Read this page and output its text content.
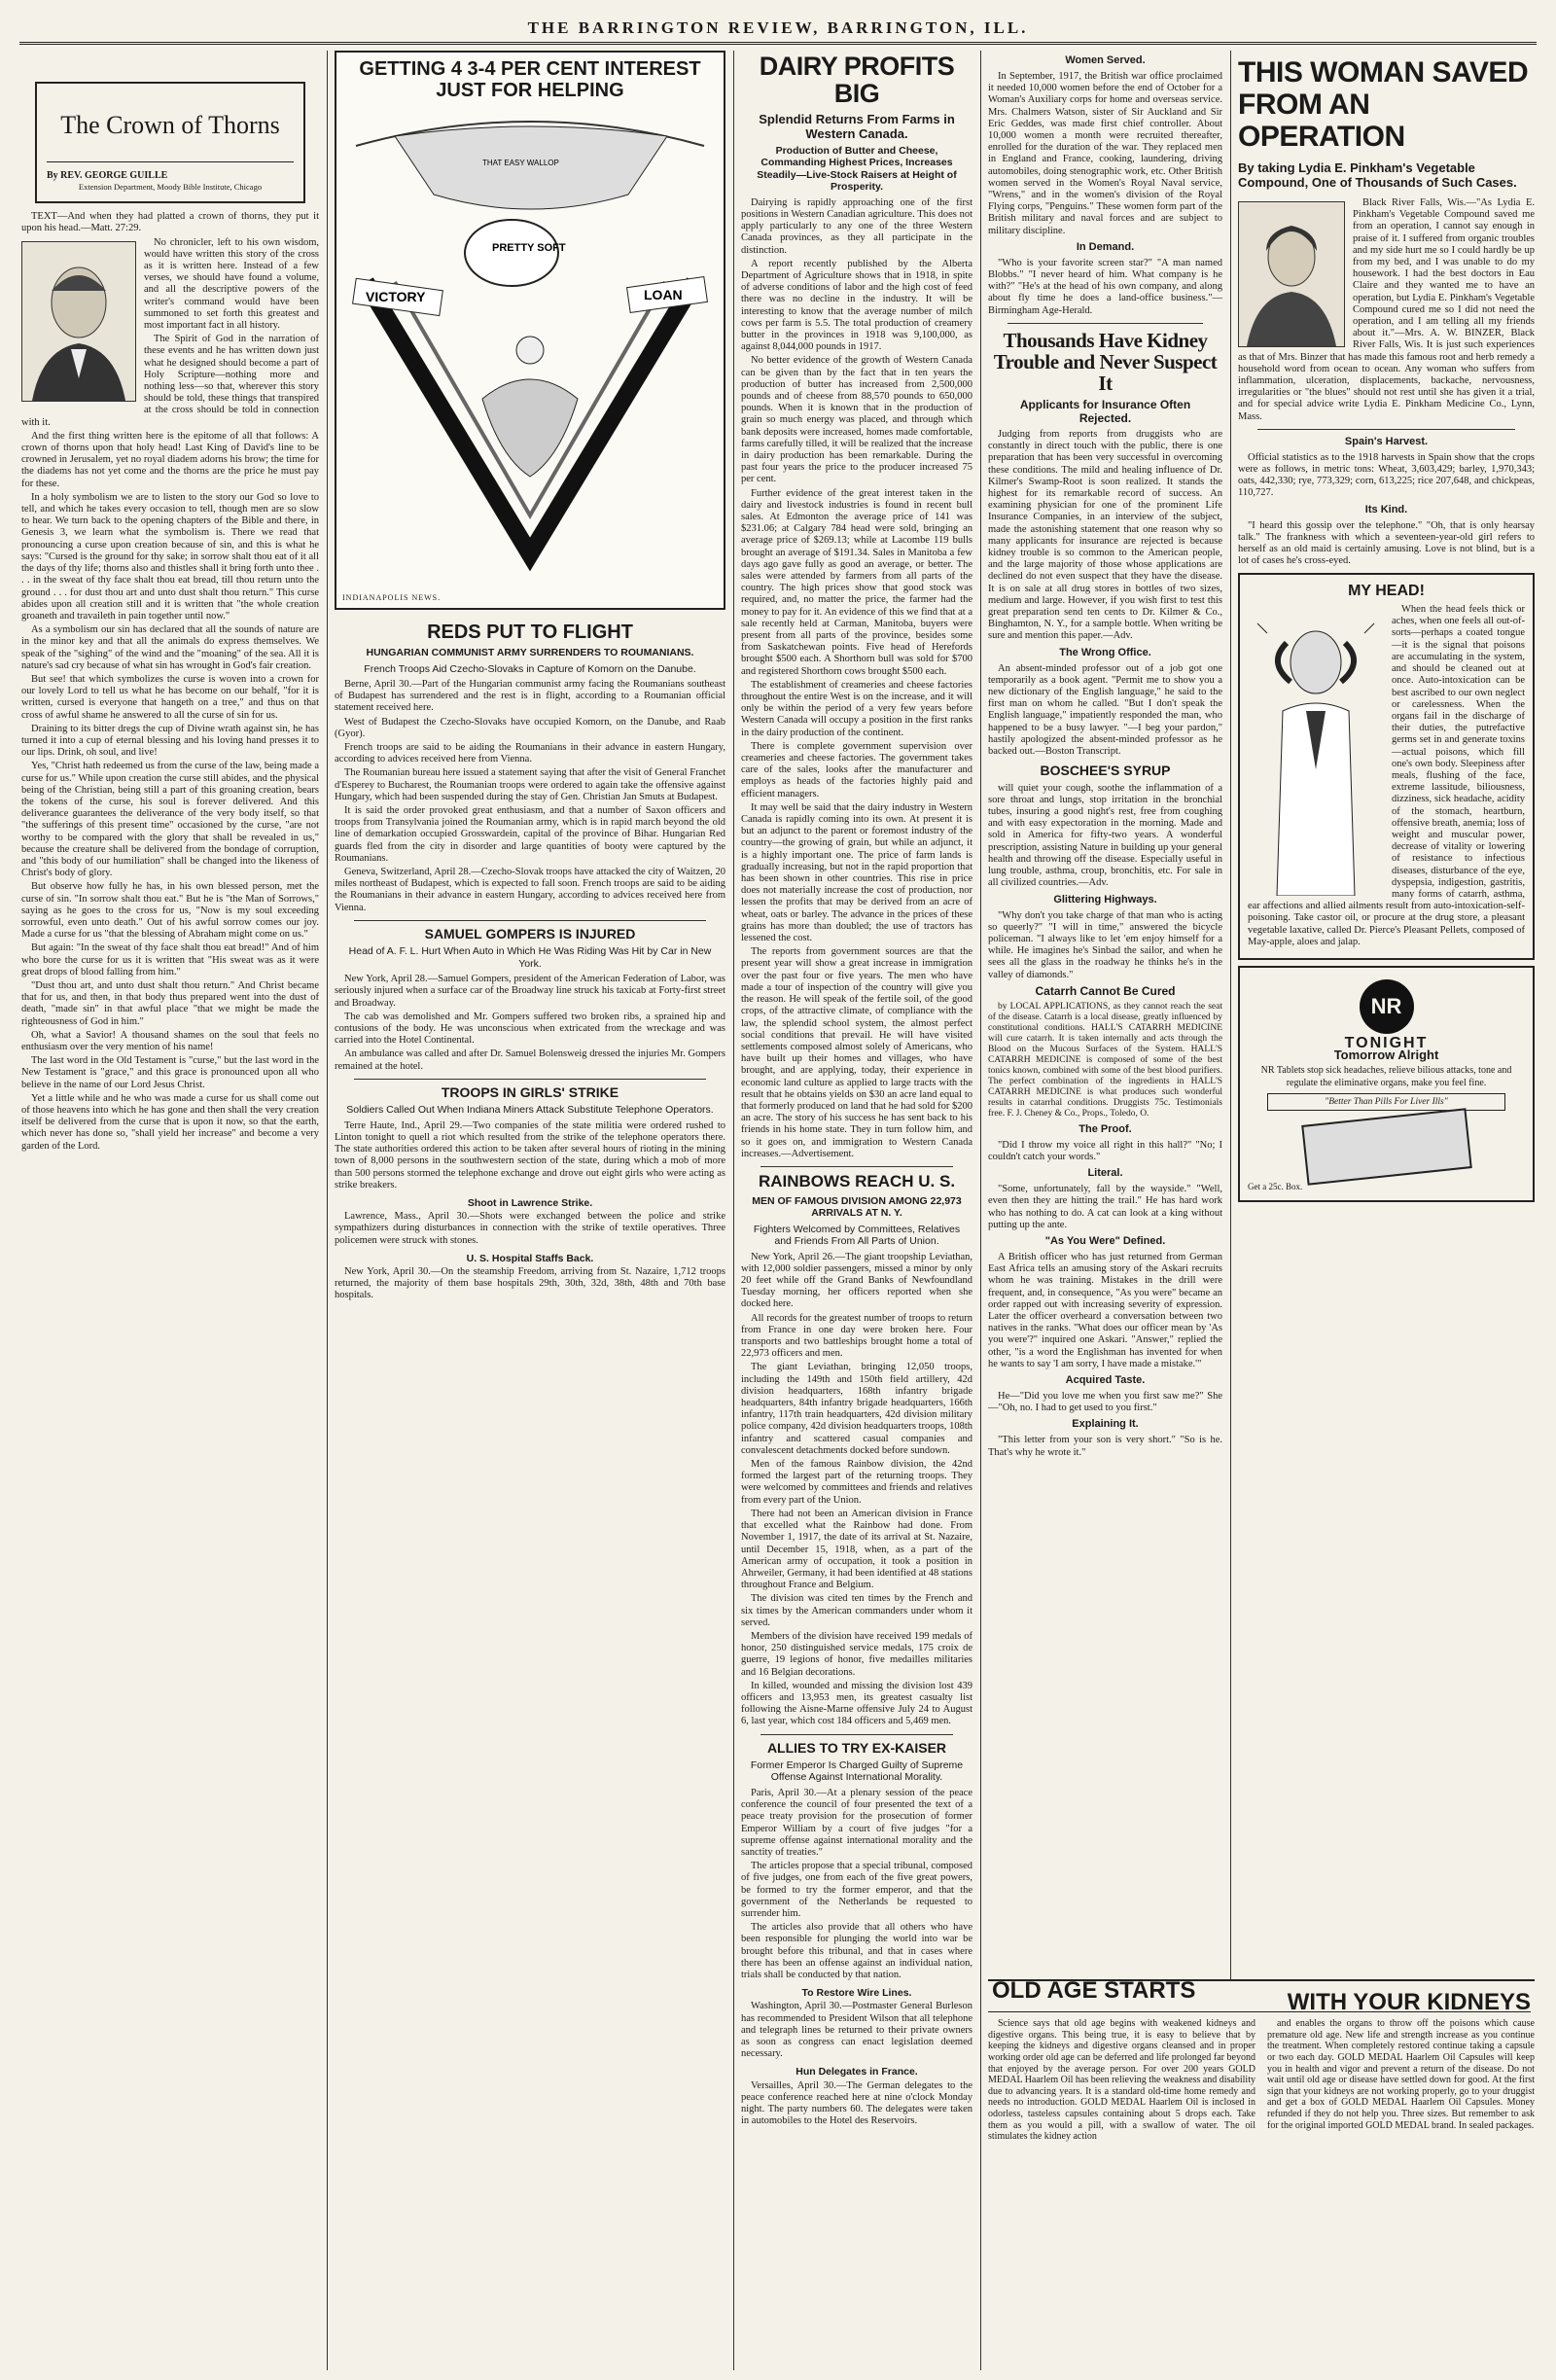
THE BARRINGTON REVIEW, BARRINGTON, ILL.
The Crown of Thorns
By REV. GEORGE GUILLE
Extension Department, Moody Bible Institute, Chicago

TEXT—And when they had platted a crown of thorns, they put it upon his head.—Matt. 27:29.

No chronicler, left to his own wisdom, would have written this story of the cross as it is written here. Instead of a few verses, we should have found a volume, and all the descriptive powers of the writer's command would have been summoned to set forth this greatest and most important fact in all history.

The Spirit of God in the narration of these events and he has written down just what he designed should become a part of Holy Scripture—nothing more and nothing less—so that, wherever this story should be told, these things that transpired at the cross should be told in connection with it.

And the first thing written here is the epitome of all that follows: A crown of thorns upon that holy head! Last King of David's line to be crowned in Jerusalem, yet no royal diadem adorns his brow; the time for the diadems has not yet come and the thorns are the price he must pay for these.

In a holy symbolism we are to listen to the story our God so love to tell, and which he takes every occasion to tell, though men are so slow to hear. We turn back to the opening chapters of the Bible and there, in Genesis 3, we learn what the symbolism is. There we read that pronouncing a curse upon creation because of sin, and this is what he says: "Cursed is the ground for thy sake; in sorrow shalt thou eat of it all the days of thy life; thorns also and thistles shall it bring forth unto thee . . . in the sweat of thy face shalt thou eat bread, till thou return unto the ground . . . for dust thou art and unto dust shalt thou return." This curse abides upon all creation still and it is written that "the whole creation groaneth and travaileth in pain together until now."

As a symbolism our sin has declared that all the sounds of nature are in the minor key and that all the animals do express themselves. We speak of the "sighing" of the wind and the "moaning" of the sea. All it is nature's sad cry because of what sin has wrought in God's fair creation.

But see! that which symbolizes the curse is woven into a crown for our lovely Lord to tell us what he has become on our behalf, "for it is written, cursed is everyone that hangeth on a tree," and thus on that cross of awful shame he answered to all the curse of sin for us.

Draining to its bitter dregs the cup of Divine wrath against sin, he has turned it into a cup of eternal blessing and his loving hand presses it to our lips. Drink, oh soul, and live!

Yes, "Christ hath redeemed us from the curse of the law, being made a curse for us." While upon creation the curse still abides, and the physical being of the Christian, being still a part of this groaning creation, bears the tokens of the curse, his soul is forever delivered. And this deliverance guarantees the deliverance of the very body itself, so that "the sufferings of this present time" occasioned by the curse, "are not worthy to be compared with the glory that shall be revealed in us," because the creature shall be delivered from the bondage of corruption, and "this body of our humiliation" shall be changed into the likeness of Christ's body of glory.

But observe how fully he has, in his own blessed person, met the curse of sin. "In sorrow shalt thou eat." But he is "the Man of Sorrows," saying as he goes to the cross for us, "Now is my soul exceeding sorrowful, even unto death." Out of his awful sorrow comes our joy. Made a curse for us "that the blessing of Abraham might come on us."

But again: "In the sweat of thy face shalt thou eat bread!" And of him who bore the curse for us it is written that "His sweat was as it were great drops of blood falling from him."

"Dust thou art, and unto dust shalt thou return." And Christ became that for us, and then, in that body thus prepared went into the dust of death, "made sin" in that awful place "that we might be made the righteousness of God in him."

Oh, what a Savior! A thousand shames on the soul that feels no enthusiasm over the very mention of his name!

The last word in the Old Testament is "curse," but the last word in the New Testament is "grace," and this grace is pronounced upon all who believe in the name of our Lord Jesus Christ.

Yet a little while and he who was made a curse for us shall come out of those heavens into which he has gone and then shall the very creation itself be delivered from the curse that is upon it now, so that the earth, which never has done so, "shall yield her increase" and become a very garden of the Lord.

GETTING 4 3-4 PER CENT INTEREST JUST FOR HELPING
VICTORY	LOAN
PRETTY SOFT
THAT EASY WALLOP
INDIANAPOLIS NEWS.
REDS PUT TO FLIGHT
HUNGARIAN COMMUNIST ARMY SURRENDERS TO ROUMANIANS.
French Troops Aid Czecho-Slovaks in Capture of Komorn on the Danube.

Berne, April 30.—Part of the Hungarian communist army facing the Roumanians southeast of Budapest has surrendered and the rest is in flight, according to a Roumanian official statement received here.

West of Budapest the Czecho-Slovaks have occupied Komorn, on the Danube, and Raab (Gyor).

French troops are said to be aiding the Roumanians in their advance in eastern Hungary, according to advices received here from Vienna.

The Roumanian bureau here issued a statement saying that after the visit of General Franchet d'Esperey to Bucharest, the Roumanian troops were ordered to again take the offensive against Hungary, which had been suspended during the stay of Gen. Christian Jan Smuts at Budapest.

It is said the order provoked great enthusiasm, and that a number of Saxon officers and troops from Transylvania joined the Roumanian army, which is in rapid march beyond the old line of demarkation occupied Grosswardein, capital of the province of Bihar. Hungarian Red guards fled from the city in disorder and large quantities of booty were captured by the Roumanians.

Geneva, Switzerland, April 28.—Czecho-Slovak troops have attacked the city of Waitzen, 20 miles northeast of Budapest, which is expected to fall soon. French troops are said to be aiding the Roumanians in their advance in eastern Hungary, according to advices received here from Vienna.

SAMUEL GOMPERS IS INJURED
Head of A. F. L. Hurt When Auto in Which He Was Riding Was Hit by Car in New York.

New York, April 28.—Samuel Gompers, president of the American Federation of Labor, was seriously injured when a surface car of the Broadway line struck his taxicab at Forty-first street and Broadway.

The cab was demolished and Mr. Gompers suffered two broken ribs, a sprained hip and contusions of the body. He was unconscious when extricated from the wreckage and was carried into the Hotel Continental.

An ambulance was called and after Dr. Samuel Bolensweig dressed the injuries Mr. Gompers remained at the hotel.

TROOPS IN GIRLS' STRIKE
Soldiers Called Out When Indiana Miners Attack Substitute Telephone Operators.

Terre Haute, Ind., April 29.—Two companies of the state militia were ordered rushed to Linton tonight to quell a riot which resulted from the strike of the telephone operators there. The state authorities ordered this action to be taken after several hours of rioting in the mining town of 8,000 persons in the southwestern section of the state, during which a mob of more than 500 persons stormed the telephone exchange and drove out eight girls who were acting as strike breakers.

Shoot in Lawrence Strike.

Lawrence, Mass., April 30.—Shots were exchanged between the police and strike sympathizers during disturbances in connection with the strike of textile operatives. Three policemen were struck with stones.

U. S. Hospital Staffs Back.

New York, April 30.—On the steamship Freedom, arriving from St. Nazaire, 1,712 troops returned, the majority of them base hospitals 29th, 30th, 32d, 38th, 48th and 70th base hospitals.

DAIRY PROFITS BIG
Splendid Returns From Farms in Western Canada.
Production of Butter and Cheese, Commanding Highest Prices, Increases Steadily—Live-Stock Raisers at Height of Prosperity.

Dairying is rapidly approaching one of the first positions in Western Canadian agriculture. This does not apply particularly to any one of the three Western Canada provinces, as they all participate in the distinction.

A report recently published by the Alberta Department of Agriculture shows that in 1918, in spite of adverse conditions of labor and the high cost of feed there was no decline in the industry. It will be interesting to know that the average number of milch cows per farm is 5.5. The total production of creamery butter in the provinces in 1918 was 9,100,000, as against 8,044,000 pounds in 1917.

No better evidence of the growth of Western Canada can be given than by the fact that in ten years the production of butter has increased from 2,500,000 pounds and of cheese from 88,570 pounds to 650,000 pounds. When it is known that in the production of grain so much energy was placed, and through which bank deposits were increased, homes made comfortable, farms carefully tilled, it will be realized that the increase in dairy production has been remarkable. During the past four years the price to the producer increased 75 per cent.

Further evidence of the great interest taken in the dairy and livestock industries is found in recent bull sales. At Edmonton the average price of 141 was $231.06; at Calgary 784 head were sold, bringing an average price of $269.13; while at Lacombe 119 bulls brought an average of $191.34. Sales in Manitoba a few days ago gave fully as good an average, or better. The sales were attended by farmers from all parts of the country. The high prices show that good stock was required, and, no matter the price, the farmer had the money to pay for it. An evidence of this we find that at a sale recently held at Carman, Manitoba, buyers were present from all parts of the province, besides some from Saskatchewan points. Five head of Herefords brought $500 each. A Shorthorn bull was sold for $700 and registered Shorthorn cows brought $500 each.

The establishment of creameries and cheese factories throughout the entire West is on the increase, and it will only be within the period of a very few years before Western Canada will occupy a position in the first ranks in the dairy production of the continent.

There is complete government supervision over creameries and cheese factories. The government takes care of the sales, looks after the manufacturer and employs as heads of the factories highly paid and efficient managers.

It may well be said that the dairy industry in Western Canada is rapidly coming into its own. At present it is but an adjunct to the parent or foremost industry of the country—the growing of grain, but while an adjunct, it is a highly important one. The price of farm lands is gradually increasing, but not in the rapid proportion that has been shown in other countries. This rise in price does not materially increase the cost of production, nor lessen the profits that may be derived from an acre of wheat, oats or barley. The advance in the prices of these grains has more than doubled; the use of tractors has lessened the cost.

The reports from government sources are that the present year will show a great increase in immigration over the past four or five years. The men who have made a tour of inspection of the country will give you the reason. He will speak of the fertile soil, of the good crops, of the attractive climate, of compliance with the law, the splendid school system, the almost perfect social conditions that prevail. He will have visited settlements composed almost solely of Americans, who have built up their homes and villages, who have brought, and are applying, today, their experience in economic land culture as applied to large tracts with the result that he obtains yields on $30 an acre land equal to that formerly produced on land that he had sold for $200 an acre. The story of his success he has sent back to his friends in his home state. They in turn follow him, and so it goes on, and immigration to Western Canada increases.—Advertisement.

RAINBOWS REACH U. S.
MEN OF FAMOUS DIVISION AMONG 22,973 ARRIVALS AT N. Y.
Fighters Welcomed by Committees, Relatives and Friends From All Parts of Union.

New York, April 26.—The giant troopship Leviathan, with 12,000 soldier passengers, missed a minor by only 20 feet while off the Grand Banks of Newfoundland Tuesday morning, her officers reported when she docked here.

All records for the greatest number of troops to return from France in one day were broken here. Four transports and two battleships brought home a total of 22,973 officers and men.

The giant Leviathan, bringing 12,050 troops, including the 149th and 150th field artillery, 42d division headquarters, 168th infantry brigade headquarters, 84th infantry brigade headquarters, 166th infantry, 117th train headquarters, 42d division military police company, 42d division headquarters troops, 108th infantry and scattered casual companies and convalescent detachments docked before sundown.

Men of the famous Rainbow division, the 42nd formed the largest part of the returning troops. They were welcomed by committees and friends and relatives from every part of the Union.

There had not been an American division in France that excelled what the Rainbow had done. From November 1, 1917, the date of its arrival at St. Nazaire, until December 15, 1918, when, as a part of the American army of occupation, it took a position in Ahrweiler, Germany, it had been identified at 48 stations throughout France and Belgium.

The division was cited ten times by the French and six times by the American commanders under whom it served.

Members of the division have received 199 medals of honor, 250 distinguished service medals, 175 croix de guerre, 19 legions of honor, five medailles militaries and 16 Belgian decorations.

In killed, wounded and missing the division lost 439 officers and 13,953 men, its greatest casualty list following the Aisne-Marne offensive July 24 to August 6, last year, which cost 184 officers and 5,469 men.

ALLIES TO TRY EX-KAISER
Former Emperor Is Charged Guilty of Supreme Offense Against International Morality.

Paris, April 30.—At a plenary session of the peace conference the council of four presented the text of a peace treaty provision for the prosecution of former Emperor William by a court of five judges "for a supreme offense against international morality and the sanctity of treaties."

The articles propose that a special tribunal, composed of five judges, one from each of the five great powers, be formed to try the former emperor, and that the government of the Netherlands be requested to surrender him.

The articles also provide that all others who have been responsible for plunging the world into war be brought before this tribunal, and that in cases where there has been an offense against an individual nation, trials shall be conducted by that nation.

To Restore Wire Lines.

Washington, April 30.—Postmaster General Burleson has recommended to President Wilson that all telephone and telegraph lines be returned to their private owners as soon as congress can enact legislation deemed necessary.

Hun Delegates in France.

Versailles, April 30.—The German delegates to the peace conference reached here at nine o'clock Monday night. The party numbers 60. The delegates were taken in automobiles to the Hotel des Reservoirs.

Women Served.

In September, 1917, the British war office proclaimed it needed 10,000 women before the end of October for a Woman's Auxiliary corps for home and overseas service. Mrs. Chalmers Watson, sister of Sir Auckland and Sir Eric Geddes, was made first chief controller. About 10,000 women a month were recruited thereafter, enrolled for the duration of the war. They replaced men in England and France, cooking, laundering, driving automobiles, doing stenographic work, etc. Other British women served in the Women's Royal Naval service, "Wrens," and in the women's division of the Royal Flying corps, "Penguins." These women form part of the British military and naval forces and are subject to military discipline.

In Demand.

"Who is your favorite screen star?" "A man named Blobbs." "I never heard of him. What company is he with?" "He's at the head of his own company, and along about fly time he does a land-office business."—Birmingham Age-Herald.

Thousands Have Kidney Trouble and Never Suspect It
Applicants for Insurance Often Rejected.

Judging from reports from druggists who are constantly in direct touch with the public, there is one preparation that has been very successful in overcoming these conditions. The mild and healing influence of Dr. Kilmer's Swamp-Root is soon realized. It stands the highest for its remarkable record of success. An examining physician for one of the prominent Life Insurance Companies, in an interview of the subject, made the astonishing statement that one reason why so many applicants for insurance are rejected is because kidney trouble is so common to the American people, and the large majority of those whose applications are declined do not even suspect that they have the disease. It is on sale at all drug stores in bottles of two sizes, medium and large. However, if you wish first to test this great preparation send ten cents to Dr. Kilmer & Co., Binghamton, N. Y., for a sample bottle. When writing be sure and mention this paper.—Adv.

The Wrong Office.

An absent-minded professor out of a job got one temporarily as a book agent. "Permit me to show you a new dictionary of the English language," he said to the first man on whom he called. "But I don't speak the English language," impatiently responded the man, who happened to be a busy lawyer. "—I beg your pardon," hastily apologized the absent-minded professor as he backed out.—Boston Transcript.

BOSCHEE'S SYRUP

will quiet your cough, soothe the inflammation of a sore throat and lungs, stop irritation in the bronchial tubes, insuring a good night's rest, free from coughing and with easy expectoration in the morning. Made and sold in America for fifty-two years. A wonderful prescription, assisting Nature in building up your general health and throwing off the disease. Especially useful in lung trouble, asthma, croup, bronchitis, etc. For sale in all civilized countries.—Adv.

Glittering Highways.

"Why don't you take charge of that man who is acting so queerly?" "I will in time," answered the bicycle policeman. "I always like to let 'em enjoy himself for a while. He imagines he's Sinbad the sailor, and when he sees all the glass in the roadway he thinks he's in the valley of diamonds."

Catarrh Cannot Be Cured

by LOCAL APPLICATIONS, as they cannot reach the seat of the disease. Catarrh is a local disease, greatly influenced by constitutional conditions. HALL'S CATARRH MEDICINE will cure catarrh. It is taken internally and acts through the Blood on the Mucous Surfaces of the System. HALL'S CATARRH MEDICINE is composed of some of the best tonics known, combined with some of the best blood purifiers. The perfect combination of the ingredients in HALL'S CATARRH MEDICINE is what produces such wonderful results in catarrhal conditions. Druggists 75c. Testimonials free. F. J. Cheney & Co., Props., Toledo, O.

The Proof.

"Did I throw my voice all right in this hall?" "No; I couldn't catch your words."

Literal.

"Some, unfortunately, fall by the wayside." "Well, even then they are hitting the trail." He has hard work who has nothing to do. A cat can look at a king without putting up the ante.

"As You Were" Defined.

A British officer who has just returned from German East Africa tells an amusing story of the Askari recruits whom he was training. Mistakes in the drill were frequent, and, in consequence, "As you were" became an order rapped out with increasing severity of expression. Later the officer overheard a conversation between two natives in the ranks. "What does our officer mean by 'As you were'?" inquired one Askari. "Answer," replied the other, "is a word the Englishman has invented for when he wants to say 'I am sorry, I have made a mistake.'"

Acquired Taste.

He—"Did you love me when you first saw me?" She—"Oh, no. I had to get used to you first."

Explaining It.

"This letter from your son is very short." "So is he. That's why he wrote it."

THIS WOMAN SAVED FROM AN OPERATION
By taking Lydia E. Pinkham's Vegetable Compound, One of Thousands of Such Cases.

Black River Falls, Wis.—"As Lydia E. Pinkham's Vegetable Compound saved me from an operation, I cannot say enough in praise of it. I suffered from organic troubles and my side hurt me so I could hardly be up from my bed, and I was unable to do my housework. I had the best doctors in Eau Claire and they wanted me to have an operation, but Lydia E. Pinkham's Vegetable Compound cured me so I did not need the operation, and I am telling all my friends about it."—Mrs. A. W. BINZER, Black River Falls, Wis. It is just such experiences as that of Mrs. Binzer that has made this famous root and herb remedy a household word from ocean to ocean. Any woman who suffers from inflammation, ulceration, displacements, backache, nervousness, irregularities or "the blues" should not rest until she has given it a trial, and for special advice write Lydia E. Pinkham Medicine Co., Lynn, Mass.

Spain's Harvest.

Official statistics as to the 1918 harvests in Spain show that the crops were as follows, in metric tons: Wheat, 3,603,429; barley, 1,970,343; oats, 442,330; rye, 773,329; corn, 613,225; rice 207,648, and chickpeas, 110,727.

Its Kind.

"I heard this gossip over the telephone." "Oh, that is only hearsay talk." The frankness with which a seventeen-year-old girl refers to herself as an old maid is certainly amusing. Love is not blind, but is a lot of cases he's cross-eyed.

MY HEAD!

When the head feels thick or aches, when one feels all out-of-sorts—perhaps a coated tongue—it is the signal that poisons are accumulating in the system, and should be cleaned out at once. Auto-intoxication can be best ascribed to our own neglect or carelessness. When the organs fail in the discharge of their duties, the putrefactive germs set in and generate toxins—actual poisons, which fill one's own body. Sleepiness after meals, flushing of the face, extreme lassitude, biliousness, dizziness, sick headache, acidity of the stomach, heartburn, offensive breath, anemia; loss of weight and muscular power, decrease of vitality or lowering of resistance to infectious diseases, disturbance of the eye, dyspepsia, indigestion, gastritis, many forms of catarrh, asthma, ear affections and allied ailments result from auto-intoxication-self-poisoning. Take castor oil, or procure at the drug store, a pleasant vegetable laxative, called Dr. Pierce's Pleasant Pellets, composed of May-apple, aloes and jalap.

NR
TONIGHT
Tomorrow Alright
NR Tablets stop sick headaches, relieve bilious attacks, tone and regulate the eliminative organs, make you feel fine.
"Better Than Pills For Liver Ills"
Get a 25c. Box.
OLD AGE STARTS	WITH YOUR KIDNEYS

Science says that old age begins with weakened kidneys and digestive organs. This being true, it is easy to believe that by keeping the kidneys and digestive organs cleansed and in proper working order old age can be deferred and life prolonged far beyond that enjoyed by the average person. For over 200 years GOLD MEDAL Haarlem Oil has been relieving the weakness and disability due to advancing years. It is a standard old-time home remedy and needs no introduction. GOLD MEDAL Haarlem Oil is inclosed in odorless, tasteless capsules containing about 5 drops each. Take them as you would a pill, with a swallow of water. The oil stimulates the kidney action

and enables the organs to throw off the poisons which cause premature old age. New life and strength increase as you continue the treatment. When completely restored continue taking a capsule or two each day. GOLD MEDAL Haarlem Oil Capsules will keep you in health and vigor and prevent a return of the disease. Do not wait until old age or disease have settled down for good. At the first sign that your kidneys are not working properly, go to your druggist and get a box of GOLD MEDAL Haarlem Oil Capsules. Money refunded if they do not help you. Three sizes. But remember to ask for the original imported GOLD MEDAL brand. In sealed packages.
